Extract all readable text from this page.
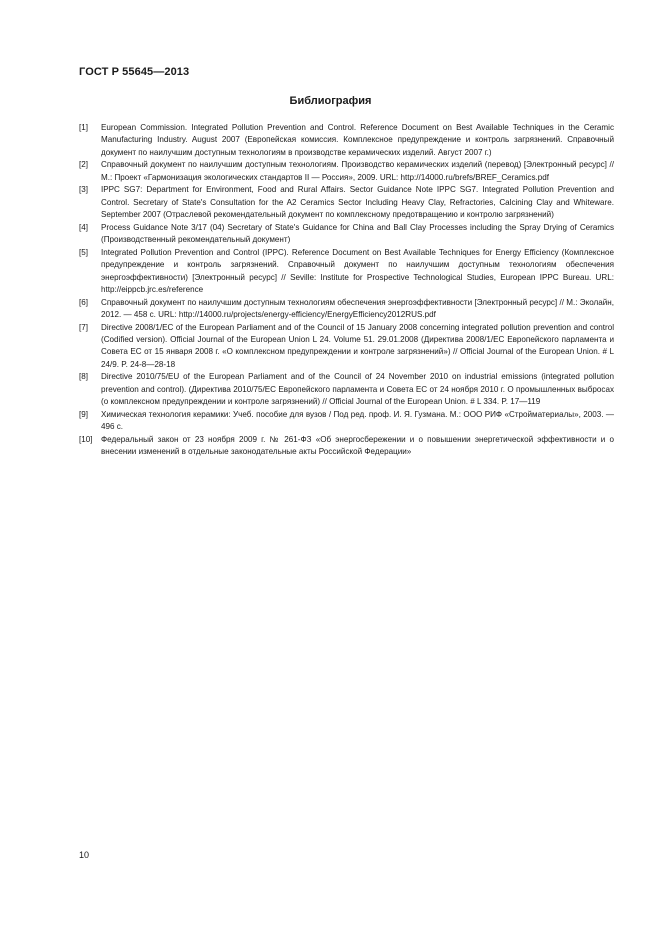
ГОСТ Р 55645—2013
Библиография
[1]	European Commission. Integrated Pollution Prevention and Control. Reference Document on Best Available Techniques in the Ceramic Manufacturing Industry. August 2007 (Европейская комиссия. Комплексное предупреждение и контроль загрязнений. Справочный документ по наилучшим доступным технологиям в производстве керамических изделий. Август 2007 г.)
[2]	Справочный документ по наилучшим доступным технологиям. Производство керамических изделий (перевод) [Электронный ресурс] // М.: Проект «Гармонизация экологических стандартов II — Россия», 2009. URL: http://14000.ru/brefs/BREF_Ceramics.pdf
[3]	IPPC SG7: Department for Environment, Food and Rural Affairs. Sector Guidance Note IPPC SG7. Integrated Pollution Prevention and Control. Secretary of State's Consultation for the A2 Ceramics Sector Including Heavy Clay, Refractories, Calcining Clay and Whiteware. September 2007 (Отраслевой рекомендательный документ по комплексному предотвращению и контролю загрязнений)
[4]	Process Guidance Note 3/17 (04) Secretary of State's Guidance for China and Ball Clay Processes including the Spray Drying of Ceramics (Производственный рекомендательный документ)
[5]	Integrated Pollution Prevention and Control (IPPC). Reference Document on Best Available Techniques for Energy Efficiency (Комплексное предупреждение и контроль загрязнений. Справочный документ по наилучшим доступным технологиям обеспечения энергоэффективности) [Электронный ресурс] // Seville: Institute for Prospective Technological Studies, European IPPC Bureau. URL: http://eippcb.jrc.es/reference
[6]	Справочный документ по наилучшим доступным технологиям обеспечения энергоэффективности [Электронный ресурс] // М.: Эколайн, 2012. — 458 с. URL: http://14000.ru/projects/energy-efficiency/EnergyEfficiency2012RUS.pdf
[7]	Directive 2008/1/EC of the European Parliament and of the Council of 15 January 2008 concerning integrated pollution prevention and control (Codified version). Official Journal of the European Union L 24. Volume 51. 29.01.2008 (Директива 2008/1/EC Европейского парламента и Совета ЕС от 15 января 2008 г. «О комплексном предупреждении и контроле загрязнений») // Official Journal of the European Union. # L 24/9. P. 24-8—28-18
[8]	Directive 2010/75/EU of the European Parliament and of the Council of 24 November 2010 on industrial emissions (integrated pollution prevention and control). (Директива 2010/75/ЕС Европейского парламента и Совета ЕС от 24 ноября 2010 г. О промышленных выбросах (о комплексном предупреждении и контроле загрязнений) // Official Journal of the European Union. # L 334. P. 17—119
[9]	Химическая технология керамики: Учеб. пособие для вузов / Под ред. проф. И. Я. Гузмана. М.: ООО РИФ «Стройматериалы», 2003. — 496 с.
[10]	Федеральный закон от 23 ноября 2009 г. № 261-ФЗ «Об энергосбережении и о повышении энергетической эффективности и о внесении изменений в отдельные законодательные акты Российской Федерации»
10
